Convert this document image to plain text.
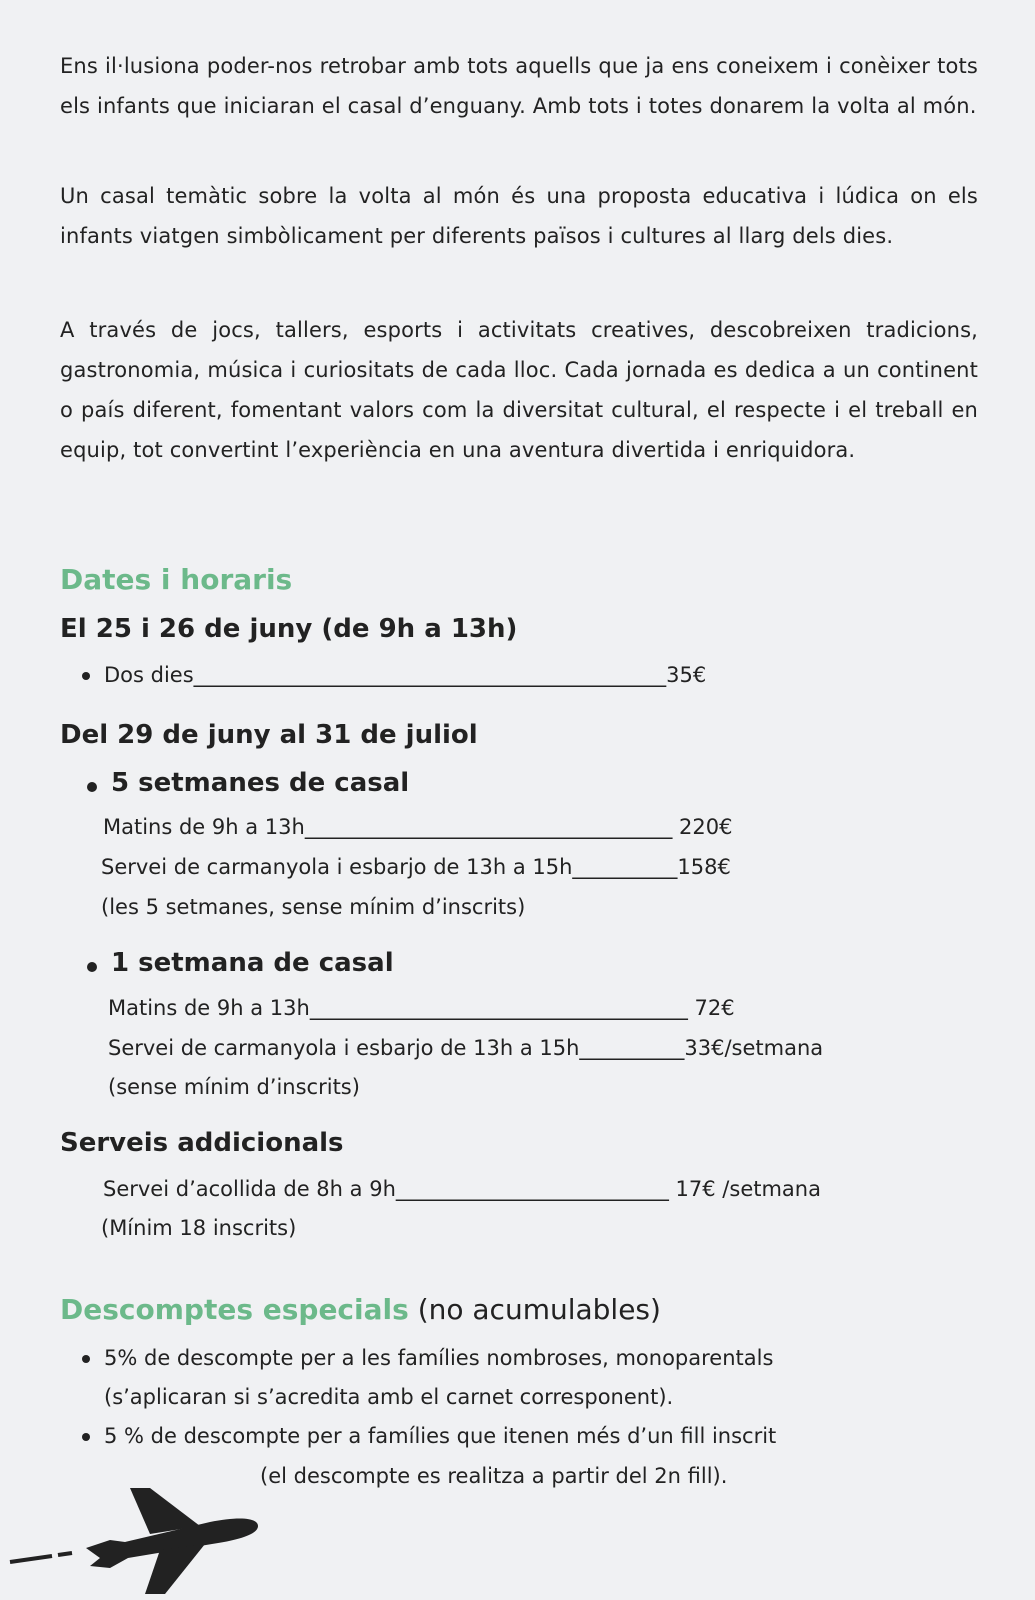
Ens il·lusiona poder-nos retrobar amb tots aquells que ja ens coneixem i conèixer tots els infants que iniciaran el casal d’enguany. Amb tots i totes donarem la volta al món.

Un casal temàtic sobre la volta al món és una proposta educativa i lúdica on els infants viatgen simbòlicament per diferents països i cultures al llarg dels dies.

A través de jocs, tallers, esports i activitats creatives, descobreixen tradicions, gastronomia, música i curiositats de cada lloc. Cada jornada es dedica a un continent o país diferent, fomentant valors com la diversitat cultural, el respecte i el treball en equip, tot convertint l’experiència en una aventura divertida i enriquidora.

Dates i horaris
El 25 i 26 de juny (de 9h a 13h)
Dos dies_____________________________________________35€
Del 29 de juny al 31 de juliol
5 setmanes de casal
Matins de 9h a 13h___________________________________ 220€
Servei de carmanyola i esbarjo de 13h a 15h__________158€
(les 5 setmanes, sense mínim d’inscrits)
1 setmana de casal
Matins de 9h a 13h____________________________________ 72€
Servei de carmanyola i esbarjo de 13h a 15h__________33€/setmana
(sense mínim d’inscrits)
Serveis addicionals
Servei d’acollida de 8h a 9h__________________________ 17€ /setmana
(Mínim 18 inscrits)
Descomptes especials (no acumulables)
5% de descompte per a les famílies nombroses, monoparentals
(s’aplicaran si s’acredita amb el carnet corresponent).
5 % de descompte per a famílies que itenen més d’un fill inscrit
(el descompte es realitza a partir del 2n fill).
